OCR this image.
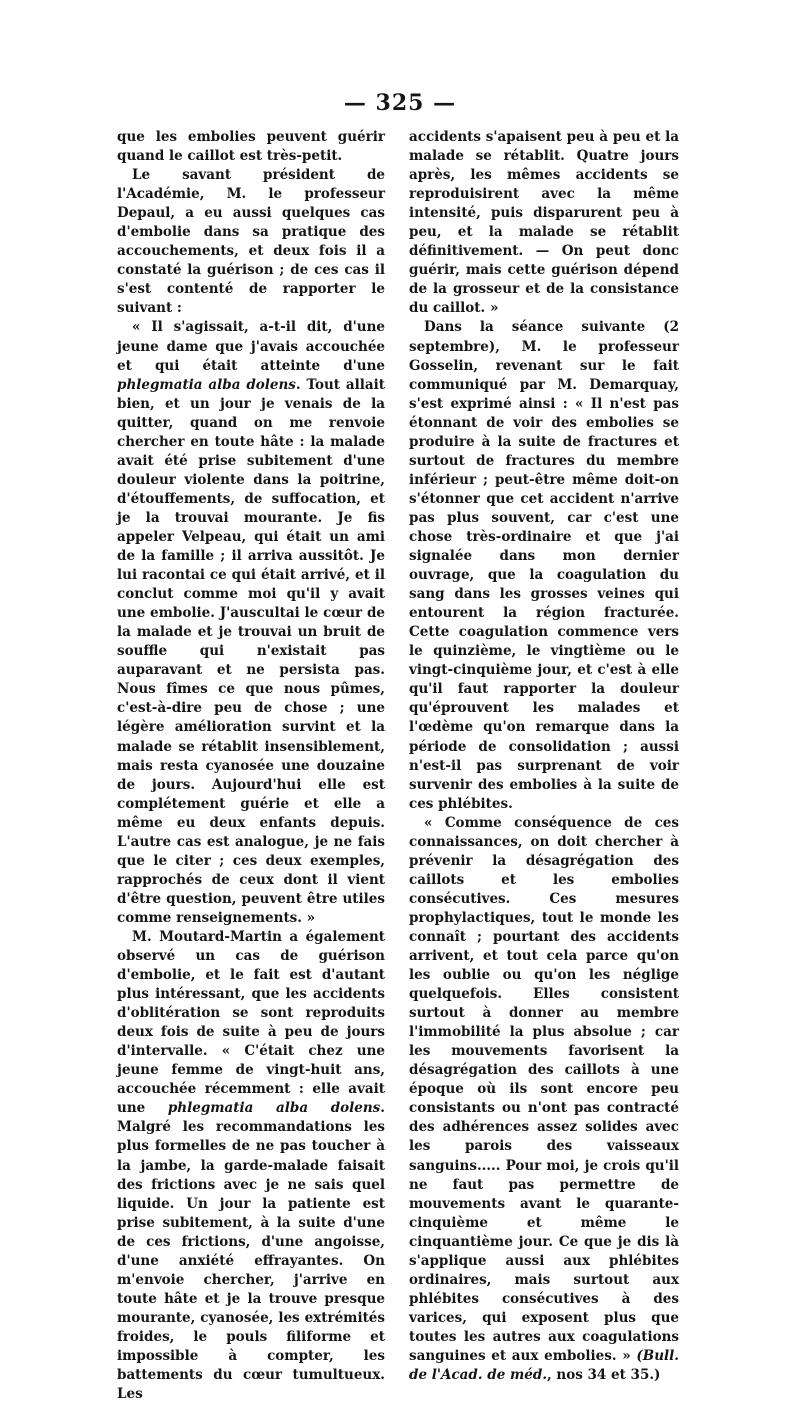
— 325 —

que les embolies peuvent guérir quand le caillot est très-petit.

Le savant président de l'Académie, M. le professeur Depaul, a eu aussi quelques cas d'embolie dans sa pratique des accouchements, et deux fois il a constaté la guérison ; de ces cas il s'est contenté de rapporter le suivant :

« Il s'agissait, a-t-il dit, d'une jeune dame que j'avais accouchée et qui était atteinte d'une phlegmatia alba dolens. Tout allait bien, et un jour je venais de la quitter, quand on me renvoie chercher en toute hâte : la malade avait été prise subitement d'une douleur violente dans la poitrine, d'étouffements, de suffocation, et je la trouvai mourante. Je fis appeler Velpeau, qui était un ami de la famille ; il arriva aussitôt. Je lui racontai ce qui était arrivé, et il conclut comme moi qu'il y avait une embolie. J'auscultai le cœur de la malade et je trouvai un bruit de souffle qui n'existait pas auparavant et ne persista pas. Nous fîmes ce que nous pûmes, c'est-à-dire peu de chose ; une légère amélioration survint et la malade se rétablit insensiblement, mais resta cyanosée une douzaine de jours. Aujourd'hui elle est complétement guérie et elle a même eu deux enfants depuis. L'autre cas est analogue, je ne fais que le citer ; ces deux exemples, rapprochés de ceux dont il vient d'être question, peuvent être utiles comme renseignements. »

M. Moutard-Martin a également observé un cas de guérison d'embolie, et le fait est d'autant plus intéressant, que les accidents d'oblitération se sont reproduits deux fois de suite à peu de jours d'intervalle. « C'était chez une jeune femme de vingt-huit ans, accouchée récemment : elle avait une phlegmatia alba dolens. Malgré les recommandations les plus formelles de ne pas toucher à la jambe, la garde-malade faisait des frictions avec je ne sais quel liquide. Un jour la patiente est prise subitement, à la suite d'une de ces frictions, d'une angoisse, d'une anxiété effrayantes. On m'envoie chercher, j'arrive en toute hâte et je la trouve presque mourante, cyanosée, les extrémités froides, le pouls filiforme et impossible à compter, les battements du cœur tumultueux. Les

accidents s'apaisent peu à peu et la malade se rétablit. Quatre jours après, les mêmes accidents se reproduisirent avec la même intensité, puis disparurent peu à peu, et la malade se rétablit définitivement. — On peut donc guérir, mais cette guérison dépend de la grosseur et de la consistance du caillot. »

Dans la séance suivante (2 septembre), M. le professeur Gosselin, revenant sur le fait communiqué par M. Demarquay, s'est exprimé ainsi : « Il n'est pas étonnant de voir des embolies se produire à la suite de fractures et surtout de fractures du membre inférieur ; peut-être même doit-on s'étonner que cet accident n'arrive pas plus souvent, car c'est une chose très-ordinaire et que j'ai signalée dans mon dernier ouvrage, que la coagulation du sang dans les grosses veines qui entourent la région fracturée. Cette coagulation commence vers le quinzième, le vingtième ou le vingt-cinquième jour, et c'est à elle qu'il faut rapporter la douleur qu'éprouvent les malades et l'œdème qu'on remarque dans la période de consolidation ; aussi n'est-il pas surprenant de voir survenir des embolies à la suite de ces phlébites.

« Comme conséquence de ces connaissances, on doit chercher à prévenir la désagrégation des caillots et les embolies consécutives. Ces mesures prophylactiques, tout le monde les connaît ; pourtant des accidents arrivent, et tout cela parce qu'on les oublie ou qu'on les néglige quelquefois. Elles consistent surtout à donner au membre l'immobilité la plus absolue ; car les mouvements favorisent la désagrégation des caillots à une époque où ils sont encore peu consistants ou n'ont pas contracté des adhérences assez solides avec les parois des vaisseaux sanguins..... Pour moi, je crois qu'il ne faut pas permettre de mouvements avant le quarante-cinquième et même le cinquantième jour. Ce que je dis là s'applique aussi aux phlébites ordinaires, mais surtout aux phlébites consécutives à des varices, qui exposent plus que toutes les autres aux coagulations sanguines et aux embolies. » (Bull. de l'Acad. de méd., nos 34 et 35.)
